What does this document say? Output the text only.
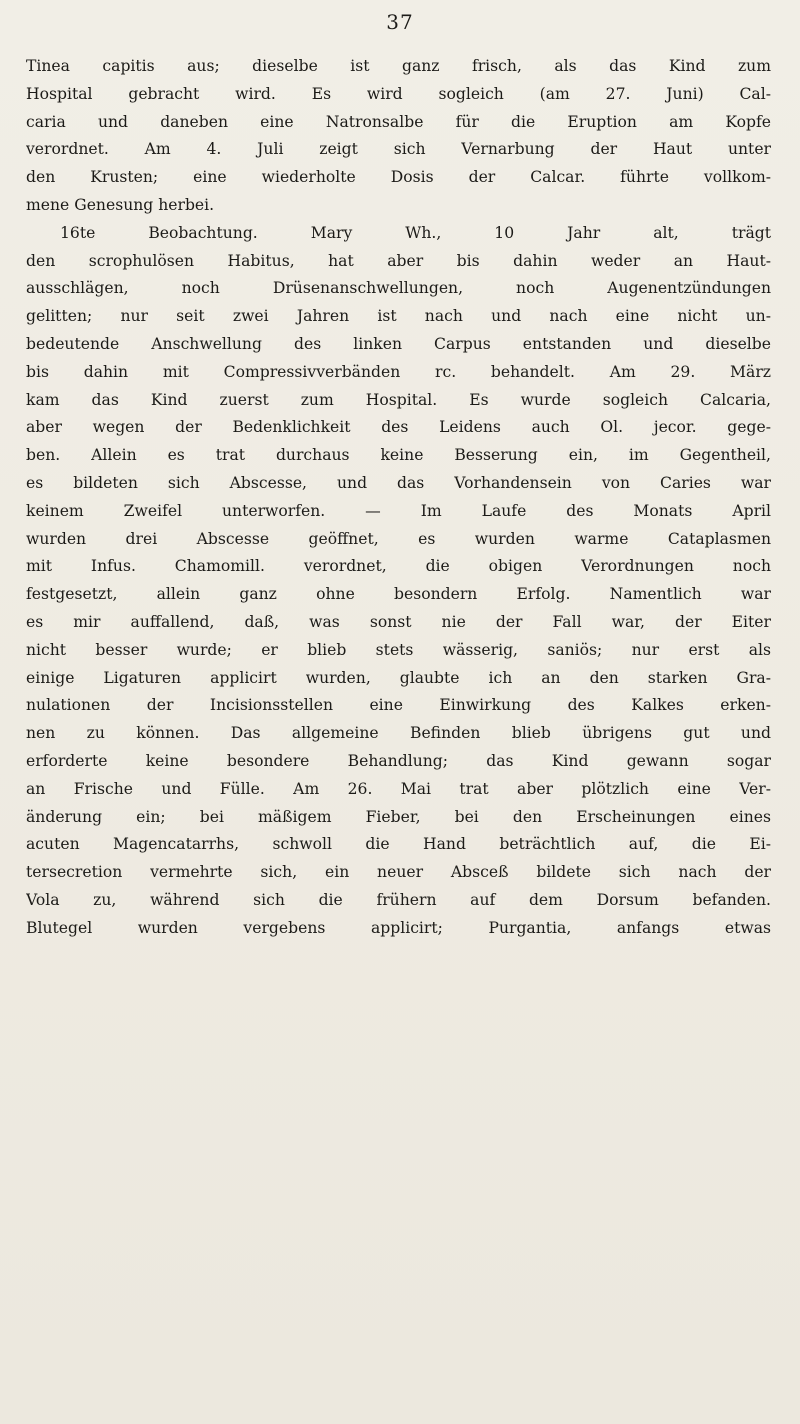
37
Tinea capitis aus; dieselbe ist ganz frisch, als das Kind zum
Hospital gebracht wird. Es wird sogleich (am 27. Juni) Cal-
caria und daneben eine Natronsalbe für die Eruption am Kopfe
verordnet. Am 4. Juli zeigt sich Vernarbung der Haut unter
den Krusten; eine wiederholte Dosis der Calcar. führte vollkom-
mene Genesung herbei.
16te Beobachtung. Mary Wh., 10 Jahr alt, trägt
den scrophulösen Habitus, hat aber bis dahin weder an Haut-
ausschlägen, noch Drüsenanschwellungen, noch Augenentzündungen
gelitten; nur seit zwei Jahren ist nach und nach eine nicht un-
bedeutende Anschwellung des linken Carpus entstanden und dieselbe
bis dahin mit Compressivverbänden rc. behandelt. Am 29. März
kam das Kind zuerst zum Hospital. Es wurde sogleich Calcaria,
aber wegen der Bedenklichkeit des Leidens auch Ol. jecor. gege-
ben. Allein es trat durchaus keine Besserung ein, im Gegentheil,
es bildeten sich Abscesse, und das Vorhandensein von Caries war
keinem Zweifel unterworfen. — Im Laufe des Monats April
wurden drei Abscesse geöffnet, es wurden warme Cataplasmen
mit Infus. Chamomill. verordnet, die obigen Verordnungen noch
festgesetzt, allein ganz ohne besondern Erfolg. Namentlich war
es mir auffallend, daß, was sonst nie der Fall war, der Eiter
nicht besser wurde; er blieb stets wässerig, saniös; nur erst als
einige Ligaturen applicirt wurden, glaubte ich an den starken Gra-
nulationen der Incisionsstellen eine Einwirkung des Kalkes erken-
nen zu können. Das allgemeine Befinden blieb übrigens gut und
erforderte keine besondere Behandlung; das Kind gewann sogar
an Frische und Fülle. Am 26. Mai trat aber plötzlich eine Ver-
änderung ein; bei mäßigem Fieber, bei den Erscheinungen eines
acuten Magencatarrhs, schwoll die Hand beträchtlich auf, die Ei-
tersecretion vermehrte sich, ein neuer Absceß bildete sich nach der
Vola zu, während sich die frühern auf dem Dorsum befanden.
Blutegel wurden vergebens applicirt; Purgantia, anfangs etwas
